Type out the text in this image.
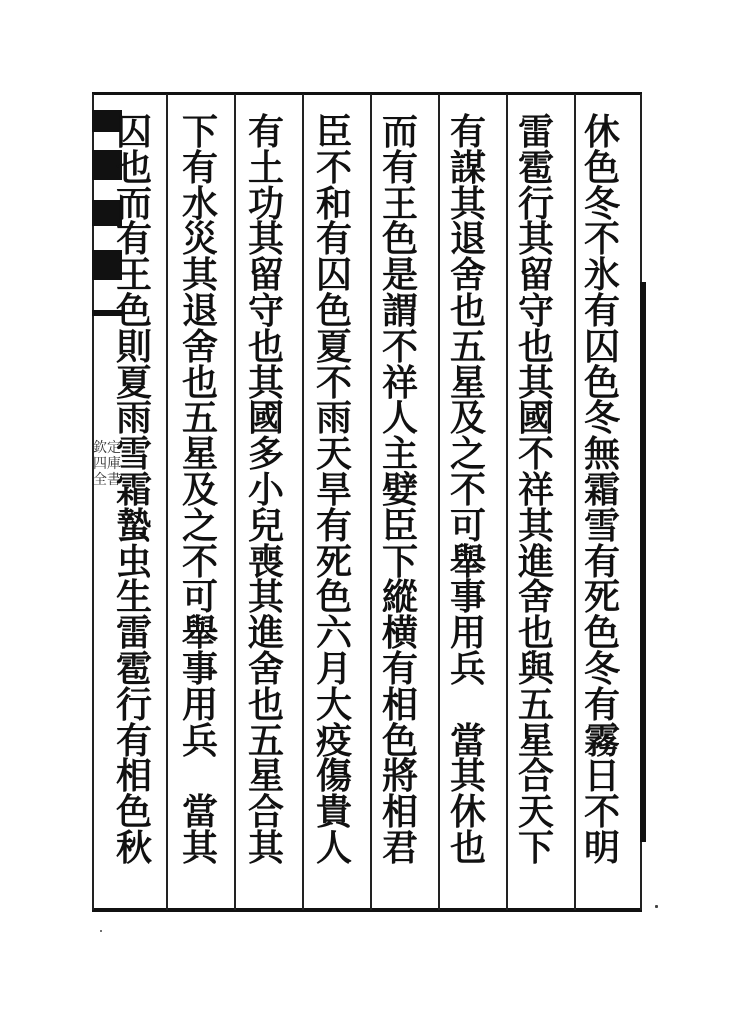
欽定四庫全書
休
色
冬
不
氷
有
囚
色
冬
無
霜
雪
有
死
色
冬
有
霧
日
不
明
雷
雹
行
其
留
守
也
其
國
不
祥
其
進
舍
也
與
五
星
合
天
下
有
謀
其
退
舍
也
五
星
及
之
不
可
舉
事
用
兵
當
其
休
也
而
有
王
色
是
謂
不
祥
人
主
嬖
臣
下
縱
横
有
相
色
將
相
君
臣
不
和
有
囚
色
夏
不
雨
天
旱
有
死
色
六
月
大
疫
傷
貴
人
有
土
功
其
留
守
也
其
國
多
小
兒
喪
其
進
舍
也
五
星
合
其
下
有
水
災
其
退
舍
也
五
星
及
之
不
可
舉
事
用
兵
當
其
囚
也
而
有
王
色
則
夏
雨
雪
霜
蟄
虫
生
雷
雹
行
有
相
色
秋
